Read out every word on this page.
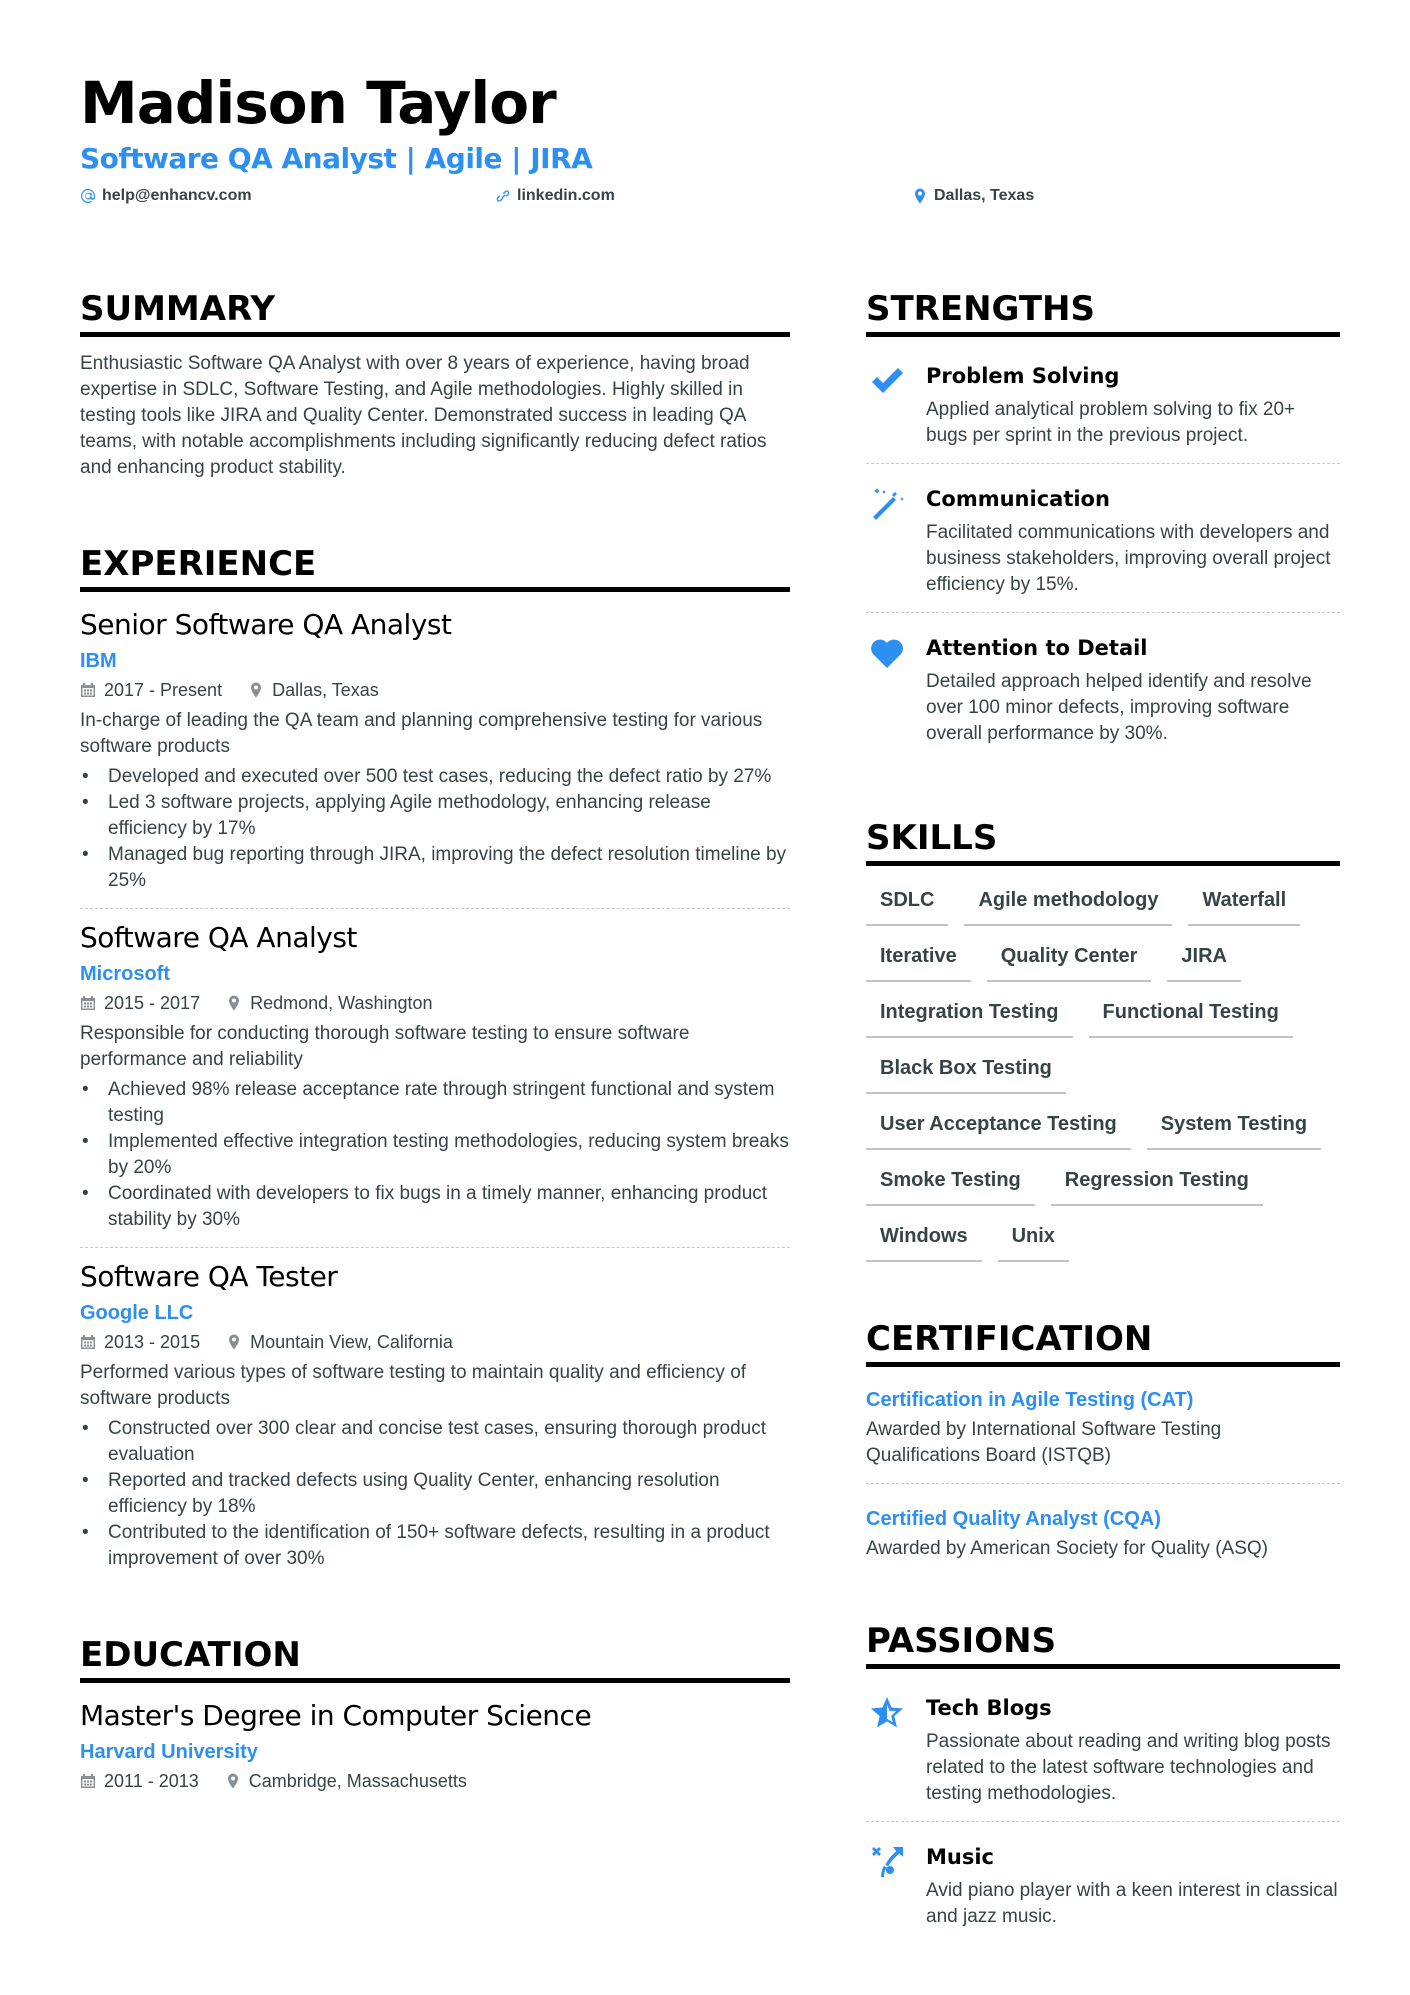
Madison Taylor
Software QA Analyst | Agile | JIRA
help@enhancv.com	linkedin.com	Dallas, Texas
SUMMARY

Enthusiastic Software QA Analyst with over 8 years of experience, having broad expertise in SDLC, Software Testing, and Agile methodologies. Highly skilled in testing tools like JIRA and Quality Center. Demonstrated success in leading QA teams, with notable accomplishments including significantly reducing defect ratios and enhancing product stability.

EXPERIENCE
Senior Software QA Analyst
IBM
2017 - Present	Dallas, Texas
In-charge of leading the QA team and planning comprehensive testing for various software products
• Developed and executed over 500 test cases, reducing the defect ratio by 27%
• Led 3 software projects, applying Agile methodology, enhancing release efficiency by 17%
• Managed bug reporting through JIRA, improving the defect resolution timeline by 25%
Software QA Analyst
Microsoft
2015 - 2017	Redmond, Washington
Responsible for conducting thorough software testing to ensure software performance and reliability
• Achieved 98% release acceptance rate through stringent functional and system testing
• Implemented effective integration testing methodologies, reducing system breaks by 20%
• Coordinated with developers to fix bugs in a timely manner, enhancing product stability by 30%
Software QA Tester
Google LLC
2013 - 2015	Mountain View, California
Performed various types of software testing to maintain quality and efficiency of software products
• Constructed over 300 clear and concise test cases, ensuring thorough product evaluation
• Reported and tracked defects using Quality Center, enhancing resolution efficiency by 18%
• Contributed to the identification of 150+ software defects, resulting in a product improvement of over 30%
EDUCATION
Master's Degree in Computer Science
Harvard University
2011 - 2013	Cambridge, Massachusetts
STRENGTHS
Problem Solving
Applied analytical problem solving to fix 20+ bugs per sprint in the previous project.
Communication
Facilitated communications with developers and business stakeholders, improving overall project efficiency by 15%.
Attention to Detail
Detailed approach helped identify and resolve over 100 minor defects, improving software overall performance by 30%.
SKILLS
SDLC	Agile methodology	Waterfall
Iterative	Quality Center	JIRA
Integration Testing	Functional Testing
Black Box Testing
User Acceptance Testing	System Testing
Smoke Testing	Regression Testing
Windows	Unix
CERTIFICATION
Certification in Agile Testing (CAT)
Awarded by International Software Testing Qualifications Board (ISTQB)
Certified Quality Analyst (CQA)
Awarded by American Society for Quality (ASQ)
PASSIONS
Tech Blogs
Passionate about reading and writing blog posts related to the latest software technologies and testing methodologies.
Music
Avid piano player with a keen interest in classical and jazz music.
